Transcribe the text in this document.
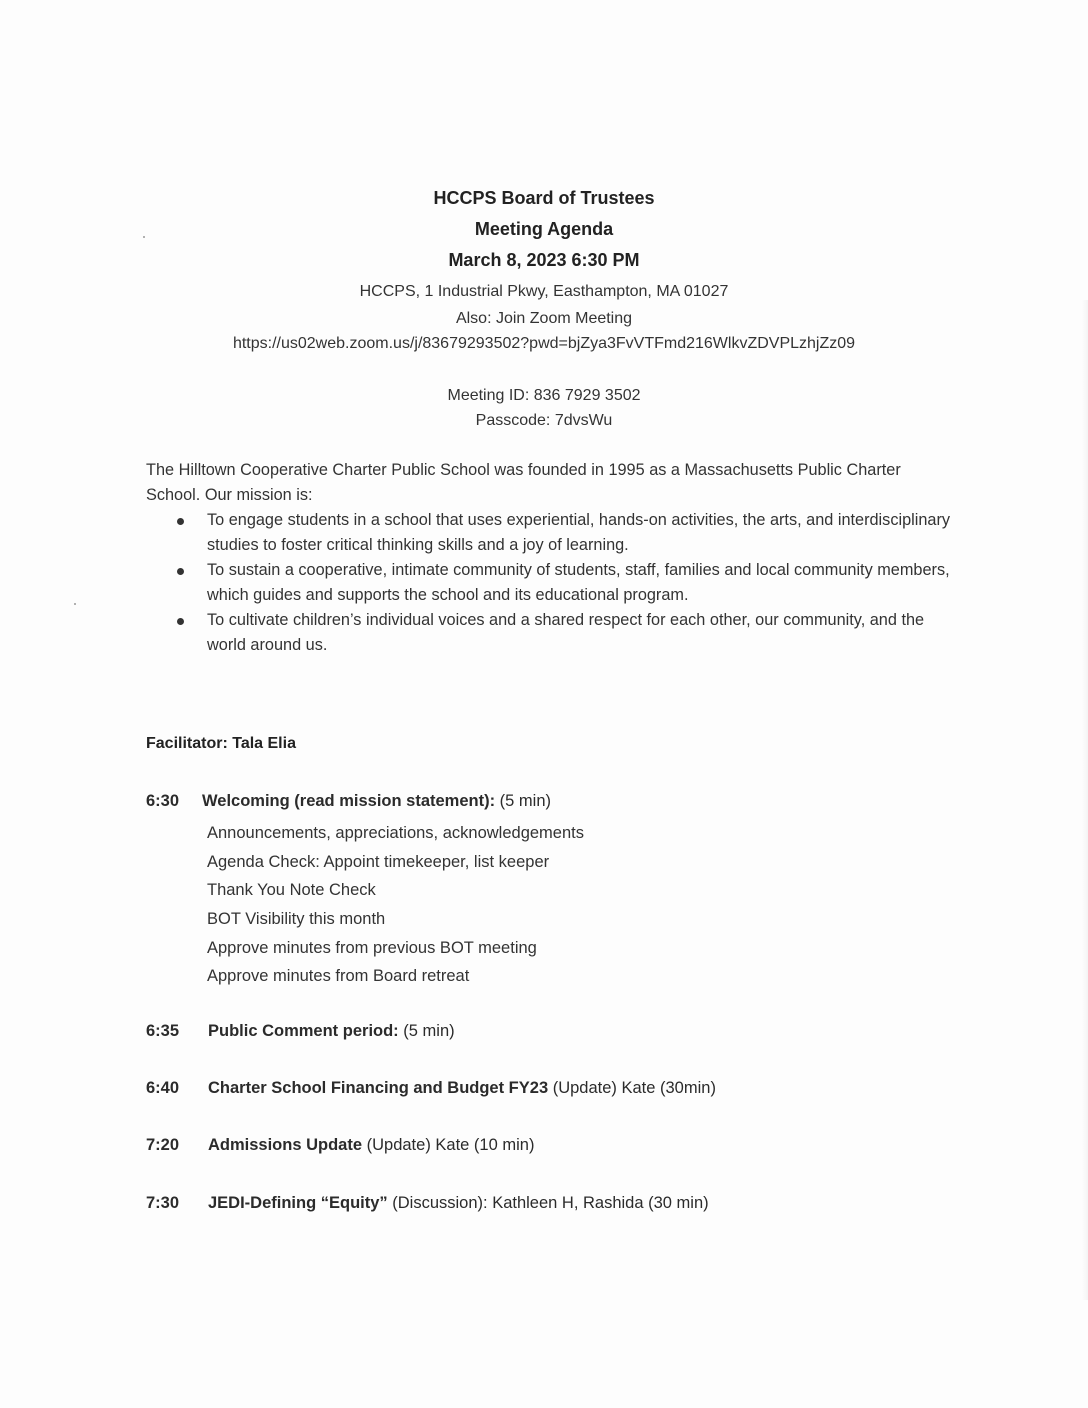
HCCPS Board of Trustees
Meeting Agenda
March 8, 2023 6:30 PM
HCCPS, 1 Industrial Pkwy, Easthampton, MA 01027
Also: Join Zoom Meeting
https://us02web.zoom.us/j/83679293502?pwd=bjZya3FvVTFmd216WlkvZDVPLzhjZz09
Meeting ID: 836 7929 3502
Passcode: 7dvsWu
The Hilltown Cooperative Charter Public School was founded in 1995 as a Massachusetts Public Charter School. Our mission is:
To engage students in a school that uses experiential, hands-on activities, the arts, and interdisciplinary studies to foster critical thinking skills and a joy of learning.
To sustain a cooperative, intimate community of students, staff, families and local community members, which guides and supports the school and its educational program.
To cultivate children’s individual voices and a shared respect for each other, our community, and the world around us.
Facilitator: Tala Elia
6:30 Welcoming (read mission statement): (5 min)
Announcements, appreciations, acknowledgements
Agenda Check: Appoint timekeeper, list keeper
Thank You Note Check
BOT Visibility this month
Approve minutes from previous BOT meeting
Approve minutes from Board retreat
6:35 Public Comment period: (5 min)
6:40 Charter School Financing and Budget FY23 (Update) Kate (30min)
7:20 Admissions Update (Update) Kate (10 min)
7:30 JEDI-Defining “Equity” (Discussion): Kathleen H, Rashida (30 min)
